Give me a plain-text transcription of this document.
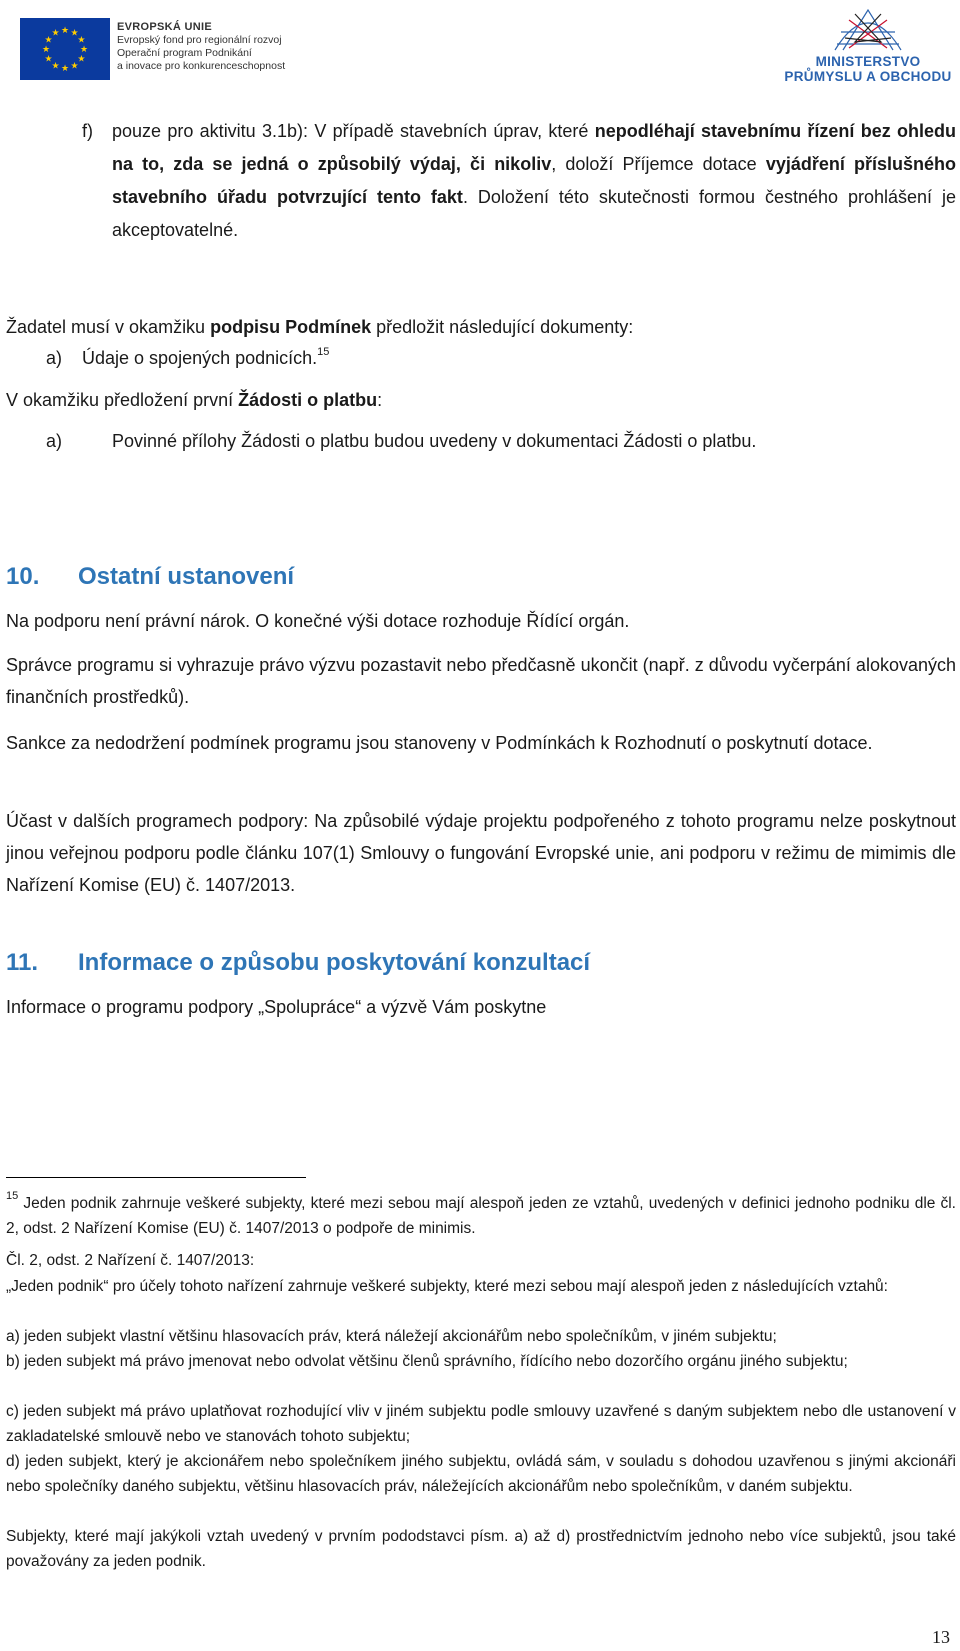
★ ★
★
★
★
★
★
★
★
★
★
★	EVROPSKÁ UNIE
Evropský fond pro regionální rozvoj
Operační program Podnikání
a inovace pro konkurenceschopnost	MINISTERSTVO
PRŮMYSLU A OBCHODU
f) pouze pro aktivitu 3.1b): V případě stavebních úprav, které nepodléhají stavebnímu řízení bez ohledu na to, zda se jedná o způsobilý výdaj, či nikoliv, doloží Příjemce dotace vyjádření příslušného stavebního úřadu potvrzující tento fakt. Doložení této skutečnosti formou čestného prohlášení je akceptovatelné.

Žadatel musí v okamžiku podpisu Podmínek předložit následující dokumenty:

a) Údaje o spojených podnicích.$^{15}$

V okamžiku předložení první Žádosti o platbu:

a)	Povinné přílohy Žádosti o platbu budou uvedeny v dokumentaci Žádosti o platbu.

10. Ostatní ustanovení

Na podporu není právní nárok. O konečné výši dotace rozhoduje Řídící orgán.

Správce programu si vyhrazuje právo výzvu pozastavit nebo předčasně ukončit (např. z důvodu vyčerpání alokovaných finančních prostředků).

Sankce za nedodržení podmínek programu jsou stanoveny v Podmínkách k Rozhodnutí o poskytnutí dotace.

Účast v dalších programech podpory: Na způsobilé výdaje projektu podpořeného z tohoto programu nelze poskytnout jinou veřejnou podporu podle článku 107(1) Smlouvy o fungování Evropské unie, ani podporu v režimu de mimimis dle Nařízení Komise (EU) č. 1407/2013.

11. Informace o způsobu poskytování konzultací

Informace o programu podpory „Spolupráce“ a výzvě Vám poskytne

$^{15}$ Jeden podnik zahrnuje veškeré subjekty, které mezi sebou mají alespoň jeden ze vztahů, uvedených v definici jednoho podniku dle čl. 2, odst. 2 Nařízení Komise (EU) č. 1407/2013 o podpoře de minimis.

Čl. 2, odst. 2 Nařízení č. 1407/2013:

„Jeden podnik“ pro účely tohoto nařízení zahrnuje veškeré subjekty, které mezi sebou mají alespoň jeden z následujících vztahů:

a) jeden subjekt vlastní většinu hlasovacích práv, která náležejí akcionářům nebo společníkům, v jiném subjektu;

b) jeden subjekt má právo jmenovat nebo odvolat většinu členů správního, řídícího nebo dozorčího orgánu jiného subjektu;

c) jeden subjekt má právo uplatňovat rozhodující vliv v jiném subjektu podle smlouvy uzavřené s daným subjektem nebo dle ustanovení v zakladatelské smlouvě nebo ve stanovách tohoto subjektu;

d) jeden subjekt, který je akcionářem nebo společníkem jiného subjektu, ovládá sám, v souladu s dohodou uzavřenou s jinými akcionáři nebo společníky daného subjektu, většinu hlasovacích práv, náležejících akcionářům nebo společníkům, v daném subjektu.

Subjekty, které mají jakýkoli vztah uvedený v prvním pododstavci písm. a) až d) prostřednictvím jednoho nebo více subjektů, jsou také považovány za jeden podnik.

13
